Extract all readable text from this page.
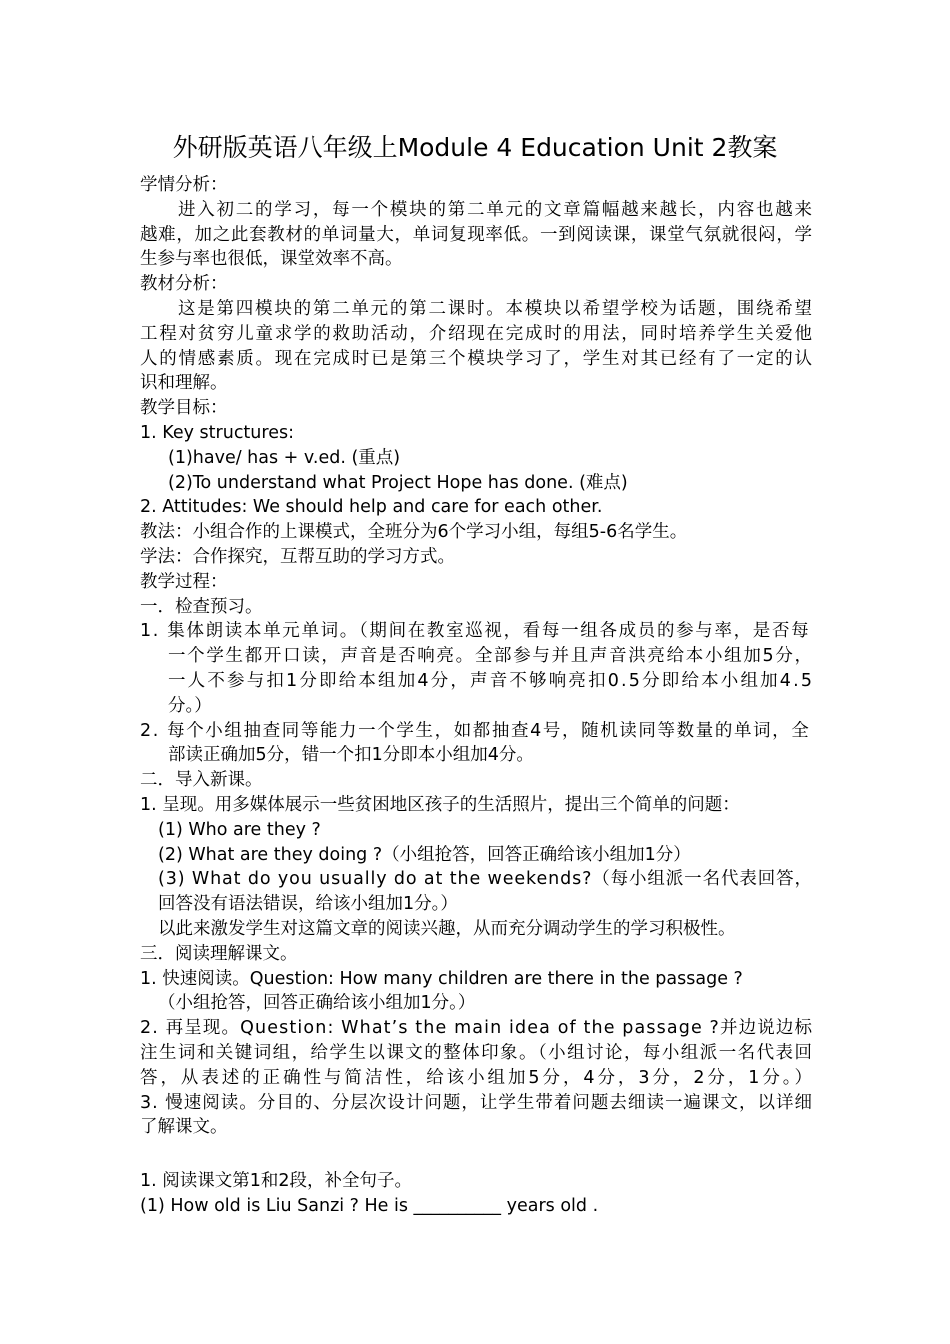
外研版英语八年级上Module 4 Education Unit 2教案
学情分析：
进入初二的学习，每一个模块的第二单元的文章篇幅越来越长，内容也越来
越难，加之此套教材的单词量大，单词复现率低。一到阅读课，课堂气氛就很闷，学
生参与率也很低，课堂效率不高。
教材分析：
这是第四模块的第二单元的第二课时。本模块以希望学校为话题，围绕希望
工程对贫穷儿童求学的救助活动，介绍现在完成时的用法，同时培养学生关爱他
人的情感素质。现在完成时已是第三个模块学习了，学生对其已经有了一定的认
识和理解。
教学目标：
1. Key structures:
(1)have/ has + v.ed. (重点)
(2)To understand what Project Hope has done. (难点)
2. Attitudes: We should help and care for each other.
教法：小组合作的上课模式，全班分为6个学习小组，每组5-6名学生。
学法：合作探究，互帮互助的学习方式。
教学过程：
一．检查预习。
1. 集体朗读本单元单词。（期间在教室巡视，看每一组各成员的参与率，是否每
一个学生都开口读，声音是否响亮。全部参与并且声音洪亮给本小组加5分，
一人不参与扣1分即给本组加4分，声音不够响亮扣0.5分即给本小组加4.5
分。）
2. 每个小组抽查同等能力一个学生，如都抽查4号，随机读同等数量的单词，全
部读正确加5分，错一个扣1分即本小组加4分。
二．导入新课。
1. 呈现。用多媒体展示一些贫困地区孩子的生活照片，提出三个简单的问题：
(1) Who are they ?
(2) What are they doing ?（小组抢答，回答正确给该小组加1分）
(3) What do you usually do at the weekends?（每小组派一名代表回答，
回答没有语法错误，给该小组加1分。）
以此来激发学生对这篇文章的阅读兴趣，从而充分调动学生的学习积极性。
三．阅读理解课文。
1. 快速阅读。Question: How many children are there in the passage ?
（小组抢答，回答正确给该小组加1分。）
2. 再呈现。Question: What’s the main idea of the passage ?并边说边标
注生词和关键词组，给学生以课文的整体印象。（小组讨论，每小组派一名代表回
答，从表述的正确性与简洁性，给该小组加5分，4分，3分，2分，1分。）
3. 慢速阅读。分目的、分层次设计问题，让学生带着问题去细读一遍课文，以详细
了解课文。
1. 阅读课文第1和2段，补全句子。
(1) How old is Liu Sanzi ? He is __________ years old .
